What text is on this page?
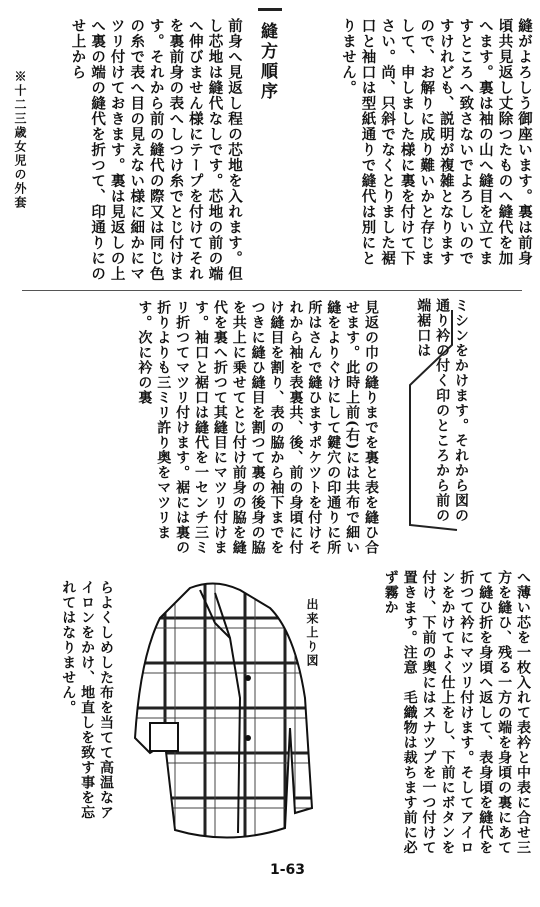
縫がよろしう御座います。裏は前身頃共見返し丈除つたものへ縫代を加へます。裏は袖の山へ縫目を立てますところへ致さないでよろしいのですけれども、説明が複雑となりますので、お解りに成り難いかと存じまして、申しました様に裏を付けて下さい。尚、只斜でなくとりました裾口と袖口は型紙通りで縫代は別にとりません。
縫方順序
前身へ見返し程の芯地を入れます。但し芯地は縫代なしです。芯地の前の端へ伸びません様にテープを付けてそれを裏前身の表へしつけ糸でとじ付けます。それから前の縫代の際又は同じ色の糸で表へ目の見えない様に細かにマツリ付けておきます。裏は見返しの上へ裏の端の縫代を折つて、印通りにのせ上から
※十二三歳女児の外套
見返の巾の縫りまでを裏と表を縫ひ合せます。此時上前(右)には共布で細い縫をよりぐけにして鍵穴の印通りに所所はさんで縫ひますポケツトを付けそれから袖を表裏共、後、前の身頃に付け縫目を割り、表の脇から袖下までをつきに縫ひ縫目を割つて裏の後身の脇を共上に乗せてとじ付け前身の脇を縫代を裏へ折つて其縫目にマツリ付けます。袖口と裾口は縫代を一センチ三ミリ折つてマツリ付けます。裾には裏の折りよりも三ミリ許り奥をマツリます。次に衿の裏	ミシンをかけます。それから図の通り衿の付く印のところから前の端裾口は
へ薄い芯を一枚入れて表衿と中表に合せ三方を縫ひ、残る一方の端を身頃の裏にあてて縫ひ折を身頃へ返して、表身頃を縫代を折つて衿にマツリ付けます。そしてアイロンをかけてよく仕上をし、下前にボタンを付け、下前の奥にはスナツプを一つ付けて置きます。注意　毛織物は裁ちます前に必ず霧か
出来上り図
らよくしめした布を当てて高温なアイロンをかけ、地直しを致す事を忘れてはなりません。
1-63
